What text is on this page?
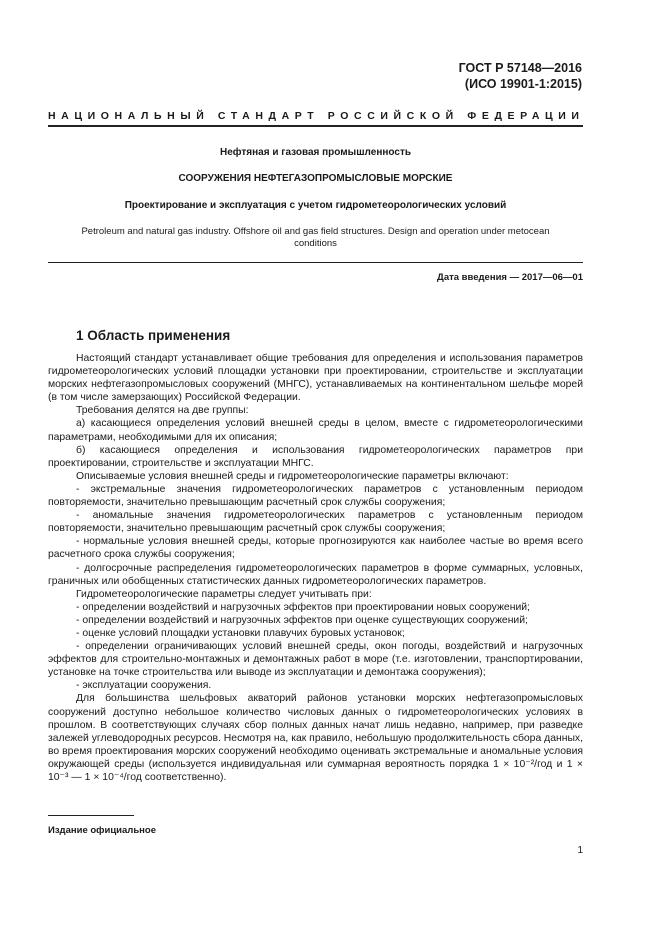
ГОСТ Р 57148—2016
(ИСО 19901-1:2015)
НАЦИОНАЛЬНЫЙ СТАНДАРТ РОССИЙСКОЙ ФЕДЕРАЦИИ
Нефтяная и газовая промышленность
СООРУЖЕНИЯ НЕФТЕГАЗОПРОМЫСЛОВЫЕ МОРСКИЕ
Проектирование и эксплуатация с учетом гидрометеорологических условий
Petroleum and natural gas industry. Offshore oil and gas field structures. Design and operation under metocean conditions
Дата введения — 2017—06—01
1 Область применения

Настоящий стандарт устанавливает общие требования для определения и использования параметров гидрометеорологических условий площадки установки при проектировании, строительстве и эксплуатации морских нефтегазопромысловых сооружений (МНГС), устанавливаемых на континентальном шельфе морей (в том числе замерзающих) Российской Федерации.

Требования делятся на две группы:

а) касающиеся определения условий внешней среды в целом, вместе с гидрометеорологическими параметрами, необходимыми для их описания;

б) касающиеся определения и использования гидрометеорологических параметров при проектировании, строительстве и эксплуатации МНГС.

Описываемые условия внешней среды и гидрометеорологические параметры включают:

- экстремальные значения гидрометеорологических параметров с установленным периодом повторяемости, значительно превышающим расчетный срок службы сооружения;

- аномальные значения гидрометеорологических параметров с установленным периодом повторяемости, значительно превышающим расчетный срок службы сооружения;

- нормальные условия внешней среды, которые прогнозируются как наиболее частые во время всего расчетного срока службы сооружения;

- долгосрочные распределения гидрометеорологических параметров в форме суммарных, условных, граничных или обобщенных статистических данных гидрометеорологических параметров.

Гидрометеорологические параметры следует учитывать при:

- определении воздействий и нагрузочных эффектов при проектировании новых сооружений;

- определении воздействий и нагрузочных эффектов при оценке существующих сооружений;

- оценке условий площадки установки плавучих буровых установок;

- определении ограничивающих условий внешней среды, окон погоды, воздействий и нагрузочных эффектов для строительно-монтажных и демонтажных работ в море (т.е. изготовлении, транспортировании, установке на точке строительства или выводе из эксплуатации и демонтажа сооружения);

- эксплуатации сооружения.

Для большинства шельфовых акваторий районов установки морских нефтегазопромысловых сооружений доступно небольшое количество числовых данных о гидрометеорологических условиях в прошлом. В соответствующих случаях сбор полных данных начат лишь недавно, например, при разведке залежей углеводородных ресурсов. Несмотря на, как правило, небольшую продолжительность сбора данных, во время проектирования морских сооружений необходимо оценивать экстремальные и аномальные условия окружающей среды (используется индивидуальная или суммарная вероятность порядка 1 × 10⁻²/год и 1 × 10⁻³ — 1 × 10⁻⁴/год соответственно).

Издание официальное
1
